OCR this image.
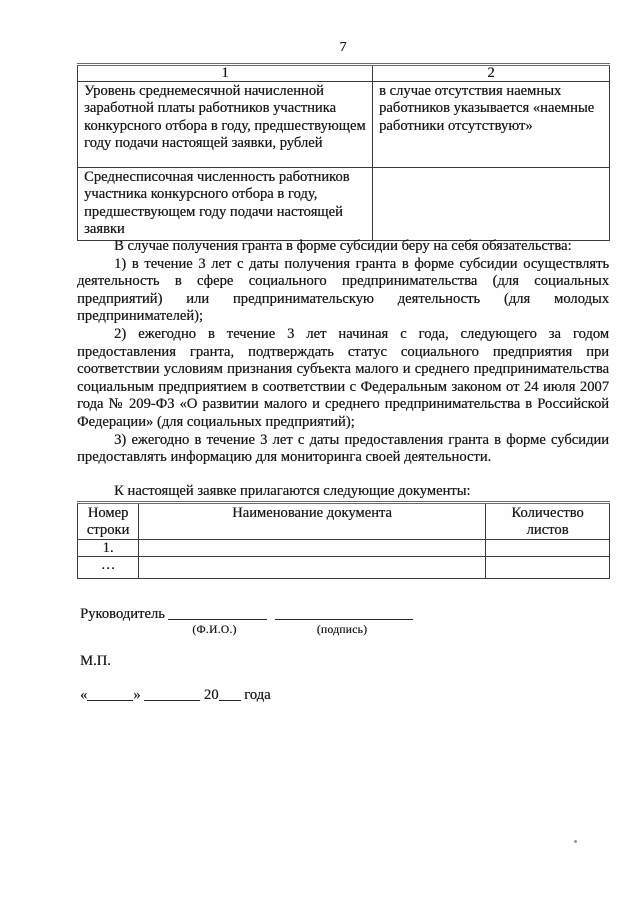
7
1	2
Уровень среднемесячной начисленной заработной платы работников участника конкурсного отбора в году, предшествующем году подачи настоящей заявки, рублей	в случае отсутствия наемных работников указывается «наемные работники отсутствуют»
Среднесписочная численность работников участника конкурсного отбора в году, предшествующем году подачи настоящей заявки	

В случае получения гранта в форме субсидии беру на себя обязательства:

1) в течение 3 лет с даты получения гранта в форме субсидии осуществлять деятельность в сфере социального предпринимательства (для социальных предприятий) или предпринимательскую деятельность (для молодых предпринимателей);

2) ежегодно в течение 3 лет начиная с года, следующего за годом предоставления гранта, подтверждать статус социального предприятия при соответствии условиям признания субъекта малого и среднего предпринимательства социальным предприятием в соответствии с Федеральным законом от 24 июля 2007 года № 209-ФЗ «О развитии малого и среднего предпринимательства в Российской Федерации» (для социальных предприятий);

3) ежегодно в течение 3 лет с даты предоставления гранта в форме субсидии предоставлять информацию для мониторинга своей деятельности.

К настоящей заявке прилагаются следующие документы:
Номер строки	Наименование документа	Количество листов
1.		
…		
Руководитель
(Ф.И.О.)	(подпись)
М.П.
«	»	20 года
